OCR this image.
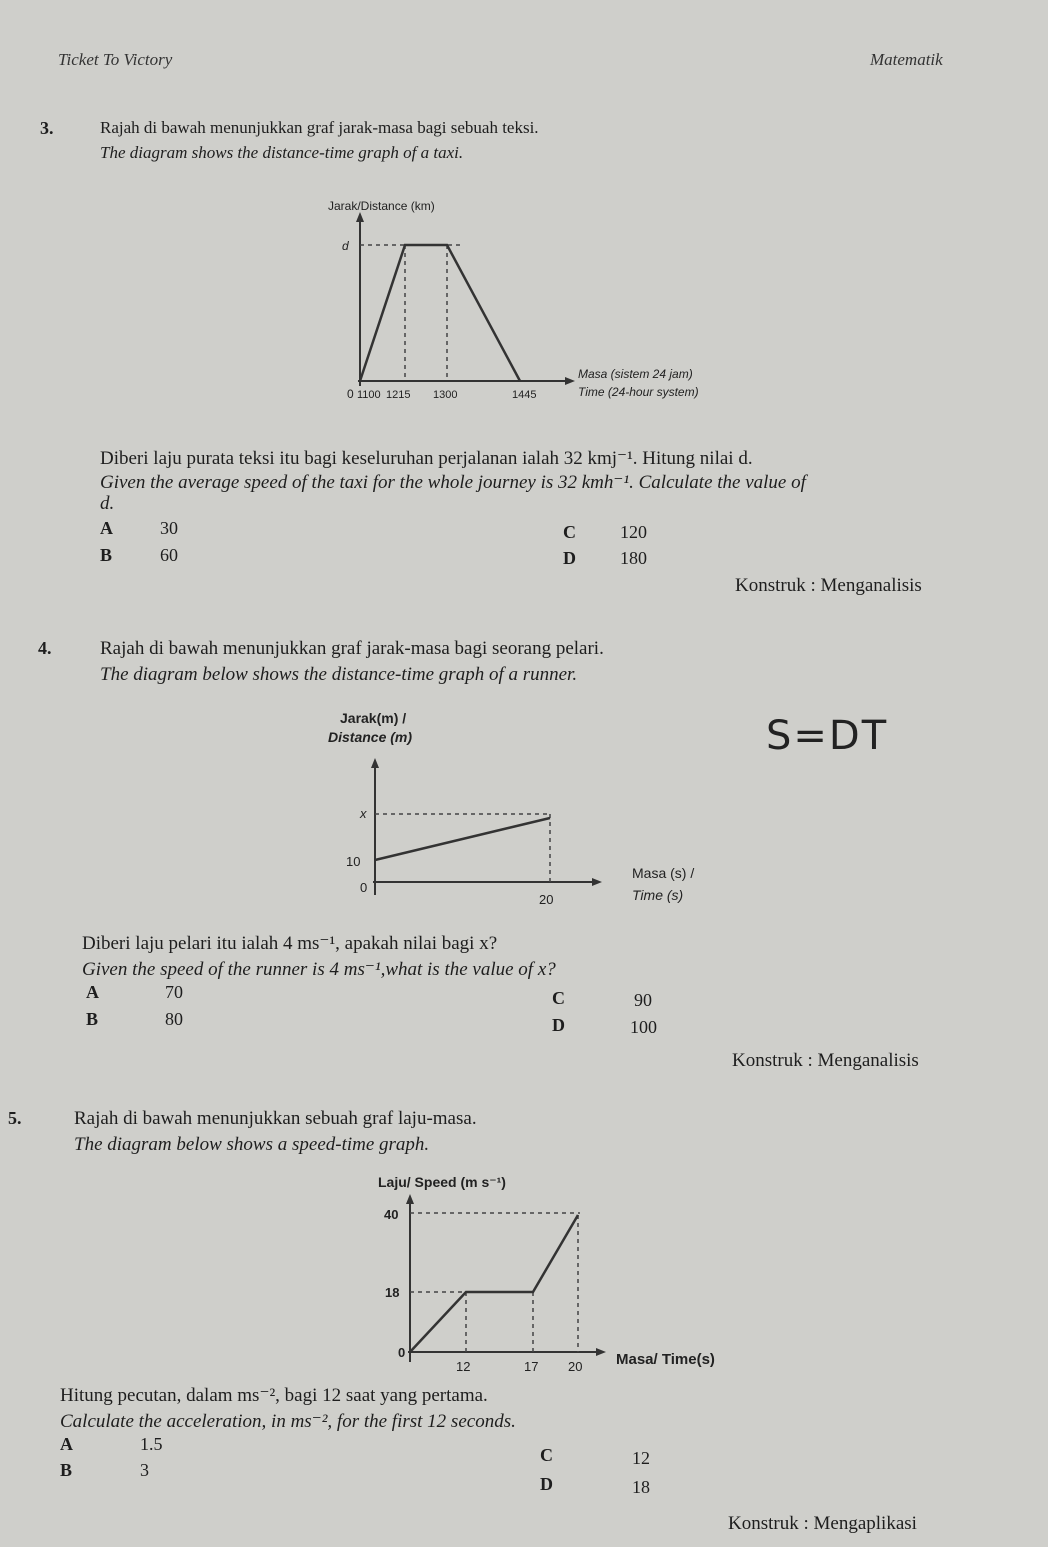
Ticket To Victory	Matematik
3.	Rajah di bawah menunjukkan graf jarak-masa bagi sebuah teksi.
The diagram shows the distance-time graph of a taxi.
Jarak/Distance (km)
d
0 1100 1215 1300	1445
Masa (sistem 24 jam)
Time (24-hour system)
Diberi laju purata teksi itu bagi keseluruhan perjalanan ialah 32 kmj⁻¹. Hitung nilai d.
Given the average speed of the taxi for the whole journey is 32 kmh⁻¹. Calculate the value of
d.
A	30
B	60
C 120
D 180
Konstruk : Menganalisis
4.	Rajah di bawah menunjukkan graf jarak-masa bagi seorang pelari.
The diagram below shows the distance-time graph of a runner.
Jarak(m) /
Distance (m)
x
10
0
20
Masa (s) /
Time (s)
S=DT
Diberi laju pelari itu ialah 4 ms⁻¹, apakah nilai bagi x?
Given the speed of the runner is 4 ms⁻¹,what is the value of x?
A	70
B	80
C	90
D	100
Konstruk : Menganalisis
5.	Rajah di bawah menunjukkan sebuah graf laju-masa.
The diagram below shows a speed-time graph.
Laju/ Speed (m s⁻¹)
40
18
0
12	17 20 Masa/ Time(s)
Hitung pecutan, dalam ms⁻², bagi 12 saat yang pertama.
Calculate the acceleration, in ms⁻², for the first 12 seconds.
A	1.5
B	3
C	12
D	18
Konstruk : Mengaplikasi
